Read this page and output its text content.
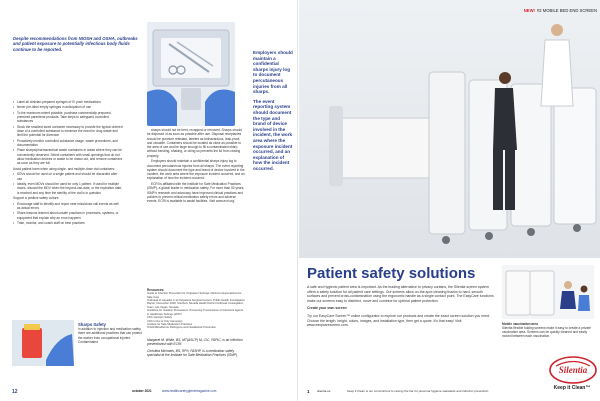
Despite recommendations from NIOSH and OSHA, outbreaks and patient exposure to potentially infectious body fluids continue to be reported.

• Label all clinician-prepared syringes of IV push medications
• Never pre-label empty syringes in anticipation of use
• To the maximum extent possible, purchase commercially prepared, premixed parenteral products. Take steps to safeguard controlled substances
• Stock the smallest sized container necessary to provide the typical ordered dose of a controlled substance to minimize the need for drug waste and limit the potential for diversion
• Proactively monitor controlled substance usage, waste procedures, and documentation
• Place sharps/pharmaceutical waste containers in areas where they can be conveniently observed. Select containers with small openings that do not allow medication devices or waste to be drawn out, and remove containers as soon as they are full

Avoid patient harm when using single- and multiple-dose vial containers:

• SDVs should be used on a single patient and should be discarded after use
• Ideally, even MDVs should be used for only 1 patient. If used for multiple doses, discard the MDV when the beyond-use-date, or the expiration date, is reached and any time the sterility of the vial is in question

Support a positive safety culture:

• Encourage staff to identify and report near miss/close call events as well as actual errors
• Share lessons learned about unsafe practices in processes, systems, or equipment that explain why an error happens
• Train, monitor, and coach staff on best practices

Sharps Safety

In addition to injection and medication safety, there are additional practices that can protect the worker from occupational injuries. Contaminated

sharps should not be bent, recapped or removed. Sharps should be disposed of as soon as possible after use. Disposal receptacles should be puncture resistant, labeled as biohazardous, leak-proof, and closable. Containers should be located as close as possible to the area of use and be large enough to fill a contaminated sharp without bending, shaking, or doing so prevents the lid from closing properly.

Employers should maintain a confidential sharps injury log to document percutaneous injuries from all sharps. The event reporting system should document the type and brand of device involved in the incident, the work area where the exposure incident occurred, and an explanation of how the incident occurred.

ECRI is affiliated with the Institute for Safe Medication Practices (ISMP), a global leader in medication safety. For more than 50 years, ISMP's research and advocacy have improved clinical practices and policies to prevent critical medication safety errors and adverse events. ECRI is available to assist facilities. Visit www.ecri.org.

Resources:

Guide to Infection Prevention for Outpatient Settings: Minimum Expectations for Safe Care

Outbreak of Hepatitis C at Outpatient Surgical Centers. Public Health Investigation Report. December 2009. Southern Nevada Health District Outbreak Investigation Team, Las Vegas, Nevada.

Guideline for Isolation Precautions: Preventing Transmission of Infectious Agents in Healthcare Settings (2007)

CDC Injection Safety

CDC's One & Only Campaign

Institute for Safe Medication Practices

OSHA Bloodborne Pathogens and Needlestick Prevention

Margaret M. White, BS, MT(ASCP) M, CIC, FAPIC, is an infection preventionist with ECRI.

Christina Michaels, BS, RPh, FASHP, is a medication safety specialist at the Institute for Safe Medication Practices (ISMP).

Employers should maintain a confidential sharps injury log to document percutaneous injuries from all sharps.

The event reporting system should document the type and brand of device involved in the incident, the work area where the exposure incident occurred, and an explanation of how the incident occurred.

12	october 2021	www.healthcarehygienemagazine.com
NEW! #2 MOBILE BED END SCREEN
Patient safety solutions

A safe and hygienic patient area is important. As the leading alternative to privacy curtains, the Silentia screen system offers a safety solution for all patient care settings. Our screens allow on-the-spot cleaning thanks to hard, smooth surfaces and prevent cross-contamination using the ergonomic handle as a single contact point. The EasyCare functions make our screens easy to disinfect, move and combine for optimal patient protection.

Create your own screen

Try our EasyCare Screen™ online configurator to explore our products and create the exact screen solution you need. Choose the length, height, colors, images, and installation type, then get a quote. It's that easy! Visit www.easycarescreen.com.	Mobile vaccination area

Silentia flexible folding screens make it easy to create a private vaccination area. Screens can be quickly cleaned and easily moved between each vaccination.

Silentia
Keep it Clean™
1 silentia.us	Keep it Clean is our commitment to raising the bar for personal hygiene standards and infection prevention.
